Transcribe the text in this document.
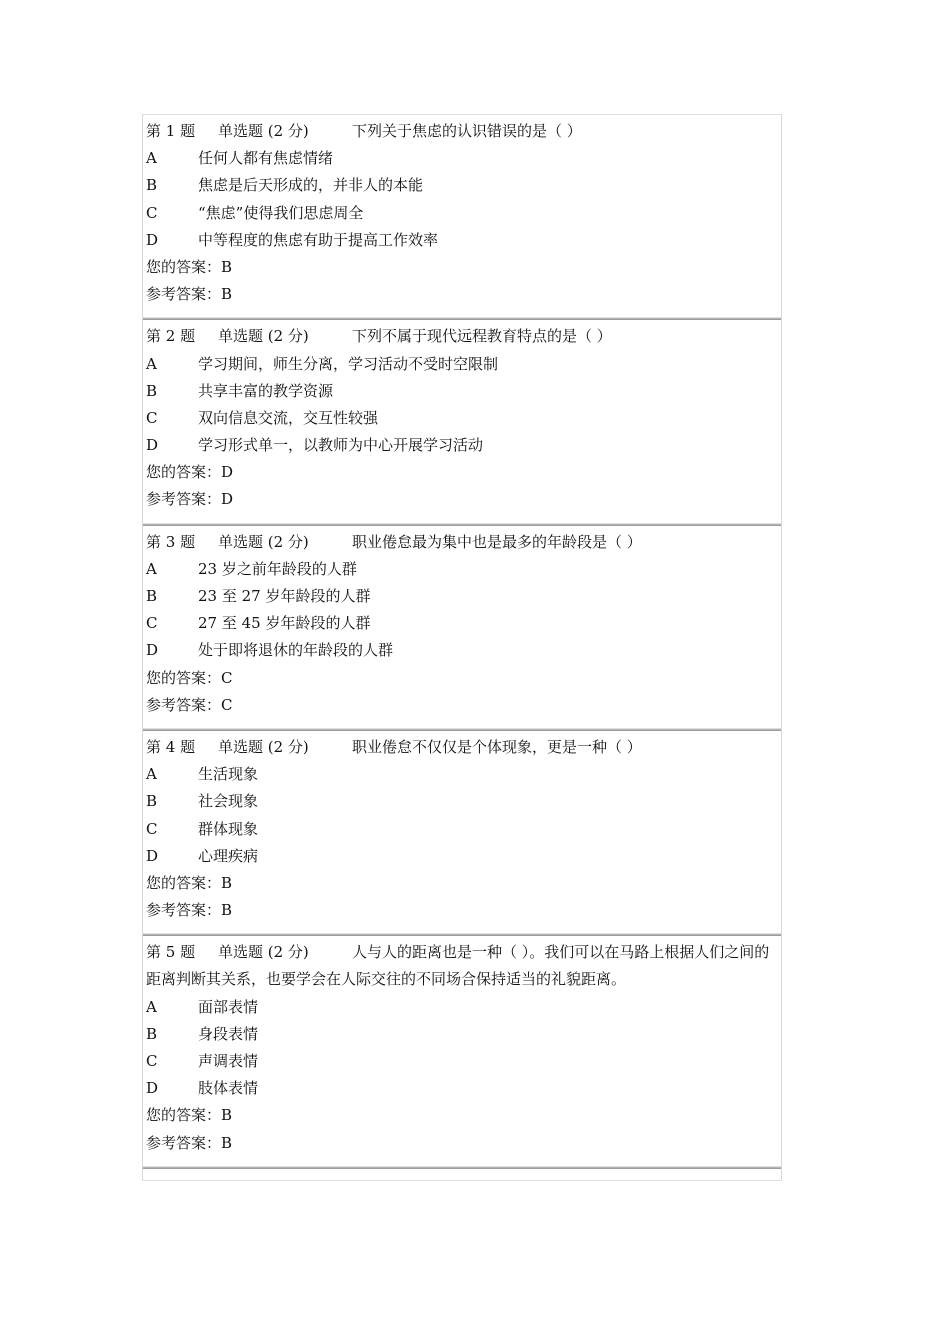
第 1 题 单选题 (2 分)	下列关于焦虑的认识错误的是（ ）
A	任何人都有焦虑情绪
B	焦虑是后天形成的，并非人的本能
C	“焦虑”使得我们思虑周全
D	中等程度的焦虑有助于提高工作效率
您的答案：B
参考答案：B
第 2 题 单选题 (2 分)	下列不属于现代远程教育特点的是（ ）
A	学习期间，师生分离，学习活动不受时空限制
B	共享丰富的教学资源
C	双向信息交流，交互性较强
D	学习形式单一，以教师为中心开展学习活动
您的答案：D
参考答案：D
第 3 题 单选题 (2 分)	职业倦怠最为集中也是最多的年龄段是（ ）
A	23 岁之前年龄段的人群
B	23 至 27 岁年龄段的人群
C	27 至 45 岁年龄段的人群
D	处于即将退休的年龄段的人群
您的答案：C
参考答案：C
第 4 题 单选题 (2 分)	职业倦怠不仅仅是个体现象，更是一种（ ）
A	生活现象
B	社会现象
C	群体现象
D	心理疾病
您的答案：B
参考答案：B
第 5 题 单选题 (2 分)	人与人的距离也是一种（ ）。我们可以在马路上根据人们之间的距离判断其关系，也要学会在人际交往的不同场合保持适当的礼貌距离。
A	面部表情
B	身段表情
C	声调表情
D	肢体表情
您的答案：B
参考答案：B
